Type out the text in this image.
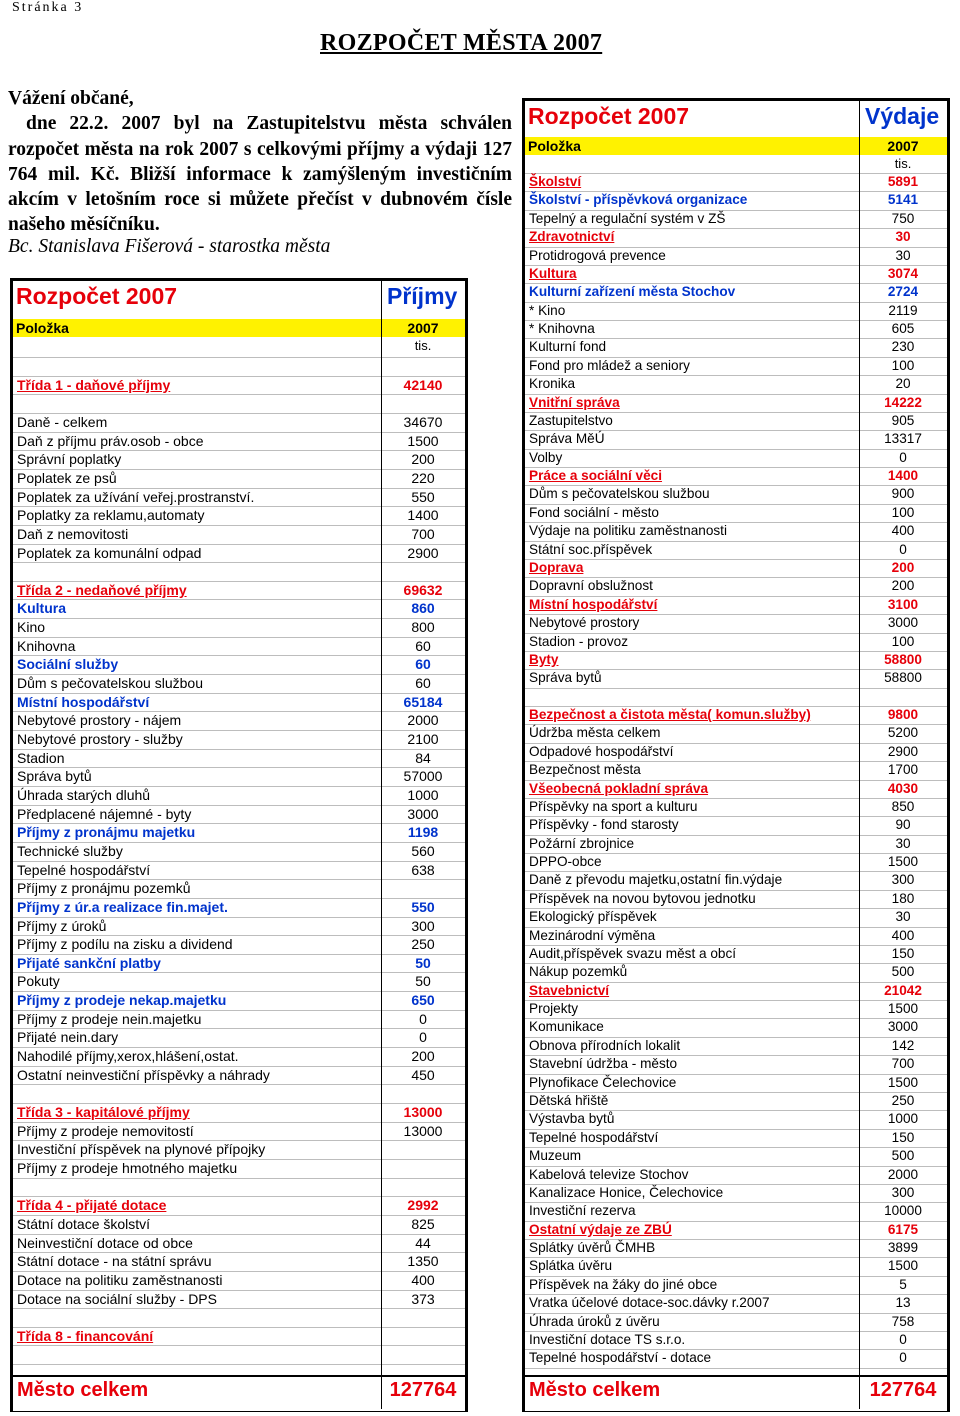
Stránka 3
ROZPOČET MĚSTA 2007
Vážení občané,
dne 22.2. 2007 byl na Zastupitelstvu města schválen rozpočet města na rok 2007 s celkovými příjmy a výdaji 127 764 mil. Kč. Bližší informace k zamýšleným investičním akcím v letošním roce si můžete přečíst v dubnovém čísle našeho měsíčníku.
Bc. Stanislava Fišerová - starostka města
Rozpočet 2007	Příjmy
Položka	2007
tis.
Třída 1 - daňové příjmy	42140
Daně - celkem	34670
Daň z příjmu práv.osob - obce	1500
Správní poplatky	200
Poplatek ze psů	220
Poplatek za užívání veřej.prostranství.	550
Poplatky za reklamu,automaty	1400
Daň z nemovitosti	700
Poplatek za komunální odpad	2900
Třída 2 - nedaňové příjmy	69632
Kultura	860
Kino	800
Knihovna	60
Sociální služby	60
Dům s pečovatelskou službou	60
Místní hospodářství	65184
Nebytové prostory - nájem	2000
Nebytové prostory - služby	2100
Stadion	84
Správa bytů	57000
Úhrada starých dluhů	1000
Předplacené nájemné - byty	3000
Příjmy z pronájmu majetku	1198
Technické služby	560
Tepelné hospodářství	638
Příjmy z pronájmu pozemků
Příjmy z úr.a realizace fin.majet.	550
Příjmy z úroků	300
Příjmy z podílu na zisku a dividend	250
Přijaté sankční platby	50
Pokuty	50
Příjmy z prodeje nekap.majetku	650
Příjmy z prodeje nein.majetku	0
Přijaté nein.dary	0
Nahodilé příjmy,xerox,hlášení,ostat.	200
Ostatní neinvestiční příspěvky a náhrady	450
Třída 3 - kapitálové příjmy	13000
Příjmy z prodeje nemovitostí	13000
Investiční příspěvek na plynové přípojky
Příjmy z prodeje hmotného majetku
Třída 4 - přijaté dotace	2992
Státní dotace školství	825
Neinvestiční dotace od obce	44
Státní dotace - na státní správu	1350
Dotace na politiku zaměstnanosti	400
Dotace na sociální služby - DPS	373
Třída 8 - financování
Město celkem	127764
Rozpočet 2007	Výdaje
Položka	2007
tis.
Školství	5891
Školství - příspěvková organizace	5141
Tepelný a regulační systém v ZŠ	750
Zdravotnictví	30
Protidrogová prevence	30
Kultura	3074
Kulturní zařízení města Stochov	2724
* Kino	2119
* Knihovna	605
Kulturní fond	230
Fond pro mládež a seniory	100
Kronika	20
Vnitřní správa	14222
Zastupitelstvo	905
Správa MěÚ	13317
Volby	0
Práce a sociální věci	1400
Dům s pečovatelskou službou	900
Fond sociální - město	100
Výdaje na politiku zaměstnanosti	400
Státní soc.příspěvek	0
Doprava	200
Dopravní obslužnost	200
Místní hospodářství	3100
Nebytové prostory	3000
Stadion - provoz	100
Byty	58800
Správa bytů	58800
Bezpečnost a čistota města( komun.služby)	9800
Údržba města celkem	5200
Odpadové hospodářství	2900
Bezpečnost města	1700
Všeobecná pokladní správa	4030
Příspěvky na sport a kulturu	850
Příspěvky - fond starosty	90
Požární zbrojnice	30
DPPO-obce	1500
Daně z převodu majetku,ostatní fin.výdaje	300
Příspěvek na novou bytovou jednotku	180
Ekologický příspěvek	30
Mezinárodní výměna	400
Audit,příspěvek svazu měst a obcí	150
Nákup pozemků	500
Stavebnictví	21042
Projekty	1500
Komunikace	3000
Obnova přírodních lokalit	142
Stavební údržba - město	700
Plynofikace Čelechovice	1500
Dětská hřiště	250
Výstavba bytů	1000
Tepelné hospodářství	150
Muzeum	500
Kabelová televize Stochov	2000
Kanalizace Honice, Čelechovice	300
Investiční rezerva	10000
Ostatní výdaje ze ZBÚ	6175
Splátky úvěrů ČMHB	3899
Splátka úvěru	1500
Příspěvek na žáky do jiné obce	5
Vratka účelové dotace-soc.dávky r.2007	13
Úhrada úroků z úvěru	758
Investiční dotace TS s.r.o.	0
Tepelné hospodářství - dotace	0
Město celkem	127764
